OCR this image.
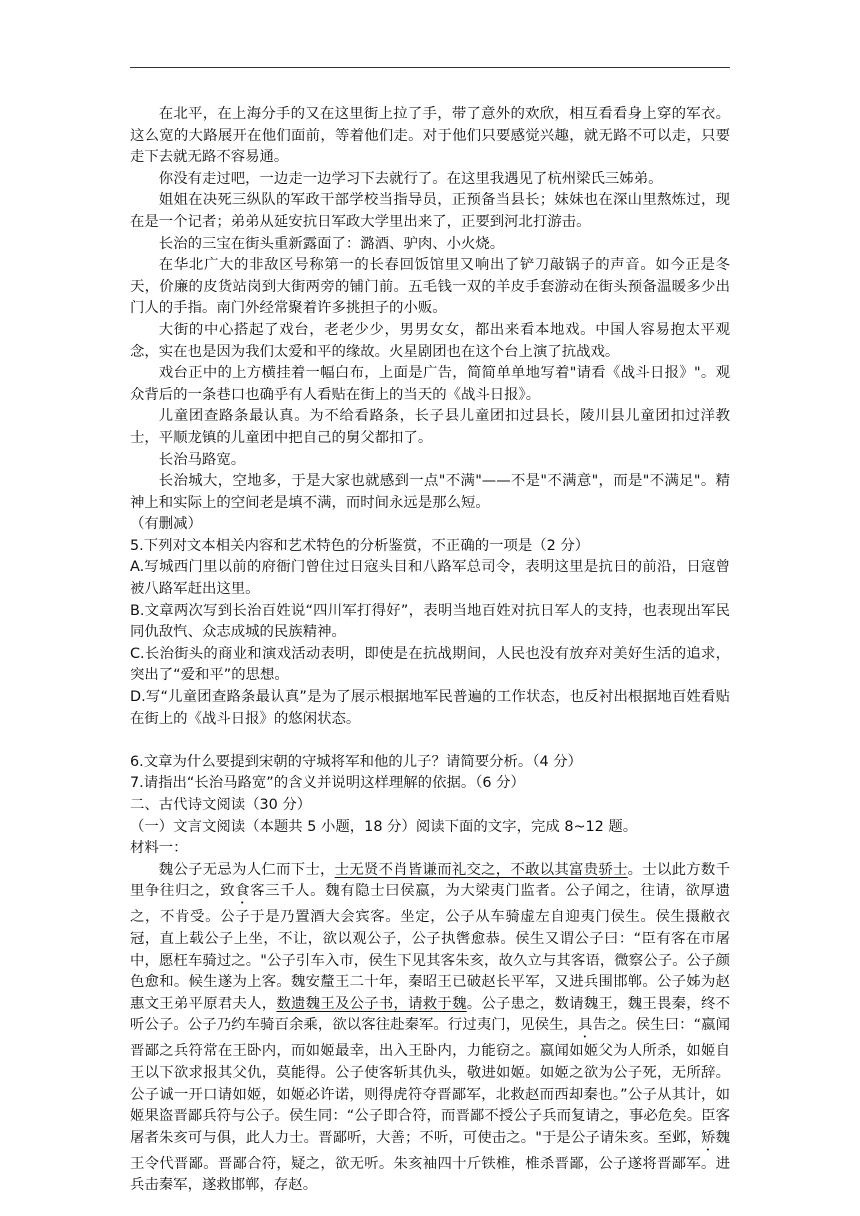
在北平，在上海分手的又在这里街上拉了手，带了意外的欢欣，相互看看身上穿的军衣。这么宽的大路展开在他们面前，等着他们走。对于他们只要感觉兴趣，就无路不可以走，只要走下去就无路不容易通。

你没有走过吧，一边走一边学习下去就行了。在这里我遇见了杭州梁氏三姊弟。

姐姐在决死三纵队的军政干部学校当指导员，正预备当县长；妹妹也在深山里熬炼过，现在是一个记者；弟弟从延安抗日军政大学里出来了，正要到河北打游击。

长治的三宝在街头重新露面了：潞酒、驴肉、小火烧。

在华北广大的非敌区号称第一的长春回饭馆里又响出了铲刀敲锅子的声音。如今正是冬天，价廉的皮货站岗到大街两旁的铺门前。五毛钱一双的羊皮手套游动在街头预备温暖多少出门人的手指。南门外经常聚着许多挑担子的小贩。

大街的中心搭起了戏台，老老少少，男男女女，都出来看本地戏。中国人容易抱太平观念，实在也是因为我们太爱和平的缘故。火星剧团也在这个台上演了抗战戏。

戏台正中的上方横挂着一幅白布，上面是广告，简简单单地写着"请看《战斗日报》"。观众背后的一条巷口也确乎有人看贴在街上的当天的《战斗日报》。

儿童团查路条最认真。为不给看路条，长子县儿童团扣过县长，陵川县儿童团扣过洋教士，平顺龙镇的儿童团中把自己的舅父都扣了。

长治马路宽。

长治城大，空地多，于是大家也就感到一点"不满"——不是"不满意"，而是"不满足"。精神上和实际上的空间老是填不满，而时间永远是那么短。

（有删减）

5.下列对文本相关内容和艺术特色的分析鉴赏，不正确的一项是（2 分）

A.写城西门里以前的府衙门曾住过日寇头目和八路军总司令，表明这里是抗日的前沿，日寇曾被八路军赶出这里。

B.文章两次写到长治百姓说“四川军打得好”，表明当地百姓对抗日军人的支持，也表现出军民同仇敌忾、众志成城的民族精神。

C.长治街头的商业和演戏活动表明，即使是在抗战期间，人民也没有放弃对美好生活的追求，突出了“爱和平”的思想。

D.写“儿童团查路条最认真”是为了展示根据地军民普遍的工作状态，也反衬出根据地百姓看贴在街上的《战斗日报》的悠闲状态。

6.文章为什么要提到宋朝的守城将军和他的儿子？请简要分析。（4 分）

7.请指出“长治马路宽”的含义并说明这样理解的依据。（6 分）

二、古代诗文阅读（30 分）

（一）文言文阅读（本题共 5 小题，18 分）阅读下面的文字，完成 8~12 题。

材料一：

魏公子无忌为人仁而下士，士无贤不肖皆谦而礼交之，不敢以其富贵骄士。士以此方数千里争往归之，致食客三千人。魏有隐士曰侯嬴，为大梁夷门监者。公子闻之，往请，欲厚遗之，不肯受。公子于是乃置酒大会宾客。坐定，公子从车骑虚左自迎夷门侯生。侯生摄敝衣冠，直上载公子上坐，不让，欲以观公子，公子执辔愈恭。侯生又谓公子曰：“臣有客在市屠中，愿枉车骑过之。"公子引车入市，侯生下见其客朱亥，故久立与其客语，微察公子。公子颜色愈和。候生遂为上客。魏安釐王二十年，秦昭王已破赵长平军，又进兵围邯郸。公子姊为赵惠文王弟平原君夫人，数遗魏王及公子书，请救于魏。公子患之，数请魏王，魏王畏秦，终不听公子。公子乃约车骑百余乘，欲以客往赴秦军。行过夷门，见侯生，具告之。侯生曰：“嬴闻晋鄙之兵符常在王卧内，而如姬最幸，出入王卧内，力能窃之。嬴闻如姬父为人所杀，如姬自王以下欲求报其父仇，莫能得。公子使客斩其仇头，敬进如姬。如姬之欲为公子死，无所辞。公子诚一开口请如姬，如姬必许诺，则得虎符夺晋鄙军，北救赵而西却秦也。”公子从其计，如姬果盗晋鄙兵符与公子。侯生同：“公子即合符，而晋鄙不授公子兵而复请之，事必危矣。臣客屠者朱亥可与俱，此人力士。晋鄙听，大善；不听，可使击之。"于是公子请朱亥。至邺，矫魏王令代晋鄙。晋鄙合符，疑之，欲无听。朱亥袖四十斤铁椎，椎杀晋鄙，公子遂将晋鄙军。进兵击秦军，遂救邯郸，存赵。
